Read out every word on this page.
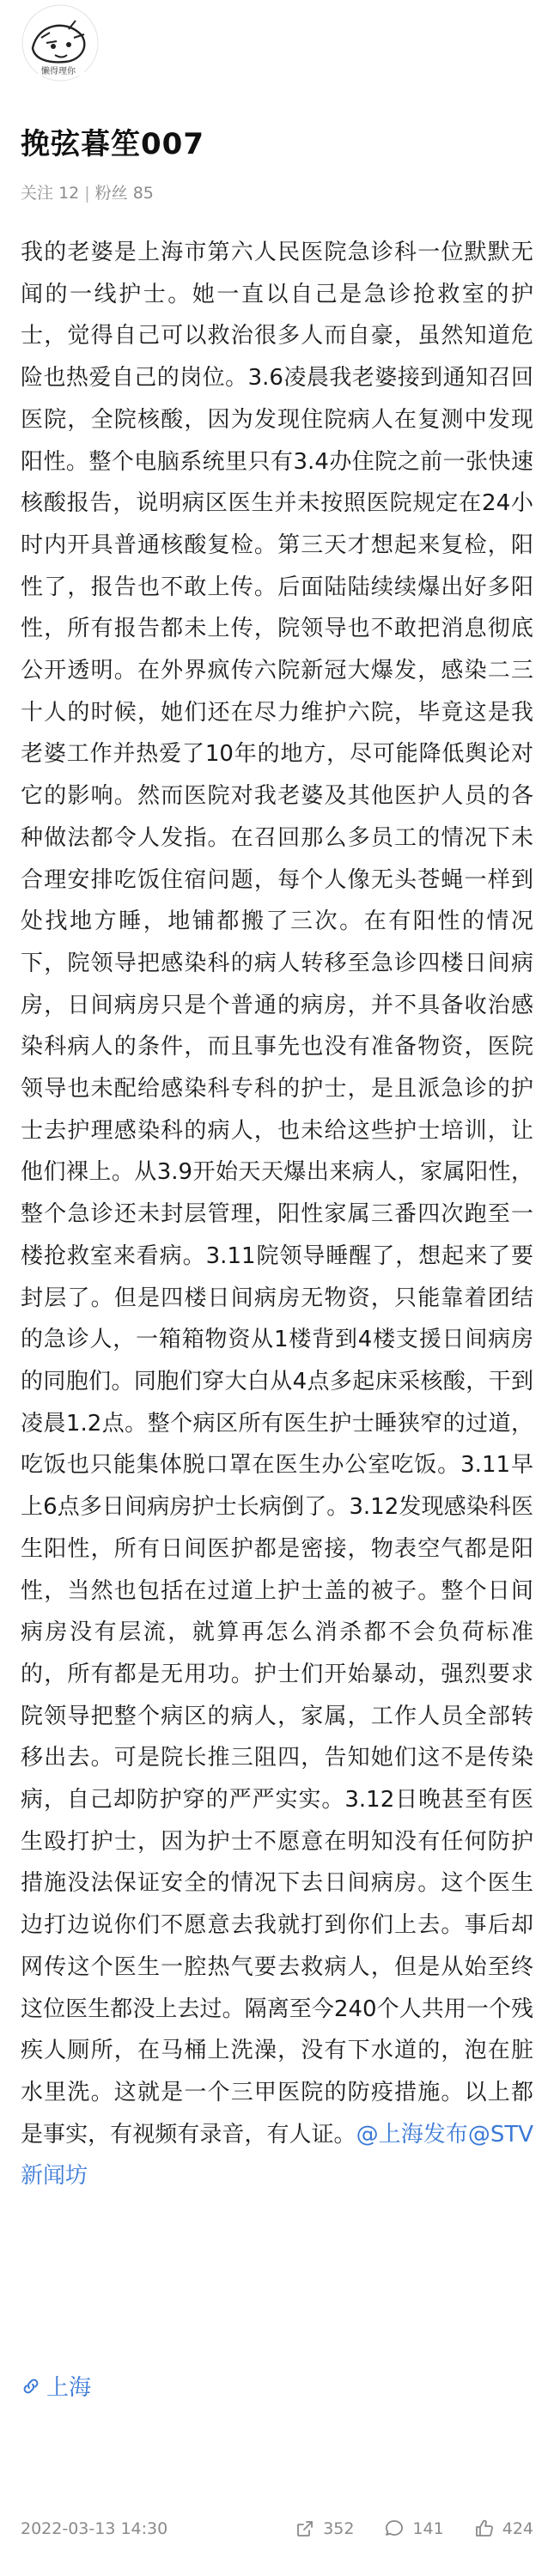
懒得理你
挽弦暮笙007
关注 12 | 粉丝 85

我的老婆是上海市第六人民医院急诊科一位默默无闻的一线护士。她一直以自己是急诊抢救室的护士，觉得自己可以救治很多人而自豪，虽然知道危险也热爱自己的岗位。3.6凌晨我老婆接到通知召回医院，全院核酸，因为发现住院病人在复测中发现阳性。整个电脑系统里只有3.4办住院之前一张快速核酸报告，说明病区医生并未按照医院规定在24小时内开具普通核酸复检。第三天才想起来复检，阳性了，报告也不敢上传。后面陆陆续续爆出好多阳性，所有报告都未上传，院领导也不敢把消息彻底公开透明。在外界疯传六院新冠大爆发，感染二三十人的时候，她们还在尽力维护六院，毕竟这是我老婆工作并热爱了10年的地方，尽可能降低舆论对它的影响。然而医院对我老婆及其他医护人员的各种做法都令人发指。在召回那么多员工的情况下未合理安排吃饭住宿问题，每个人像无头苍蝇一样到处找地方睡，地铺都搬了三次。在有阳性的情况下，院领导把感染科的病人转移至急诊四楼日间病房，日间病房只是个普通的病房，并不具备收治感染科病人的条件，而且事先也没有准备物资，医院领导也未配给感染科专科的护士，是且派急诊的护士去护理感染科的病人，也未给这些护士培训，让他们裸上。从3.9开始天天爆出来病人，家属阳性，整个急诊还未封层管理，阳性家属三番四次跑至一楼抢救室来看病。3.11院领导睡醒了，想起来了要封层了。但是四楼日间病房无物资，只能靠着团结的急诊人，一箱箱物资从1楼背到4楼支援日间病房的同胞们。同胞们穿大白从4点多起床采核酸，干到凌晨1.2点。整个病区所有医生护士睡狭窄的过道，吃饭也只能集体脱口罩在医生办公室吃饭。3.11早上6点多日间病房护士长病倒了。3.12发现感染科医生阳性，所有日间医护都是密接，物表空气都是阳性，当然也包括在过道上护士盖的被子。整个日间病房没有层流，就算再怎么消杀都不会负荷标准的，所有都是无用功。护士们开始暴动，强烈要求院领导把整个病区的病人，家属，工作人员全部转移出去。可是院长推三阻四，告知她们这不是传染病，自己却防护穿的严严实实。3.12日晚甚至有医生殴打护士，因为护士不愿意在明知没有任何防护措施没法保证安全的情况下去日间病房。这个医生边打边说你们不愿意去我就打到你们上去。事后却网传这个医生一腔热气要去救病人，但是从始至终这位医生都没上去过。隔离至今240个人共用一个残疾人厕所，在马桶上洗澡，没有下水道的，泡在脏水里洗。这就是一个三甲医院的防疫措施。以上都是事实，有视频有录音，有人证。@上海发布@STV新闻坊

上海
2022-03-13 14:30	352	141	424
